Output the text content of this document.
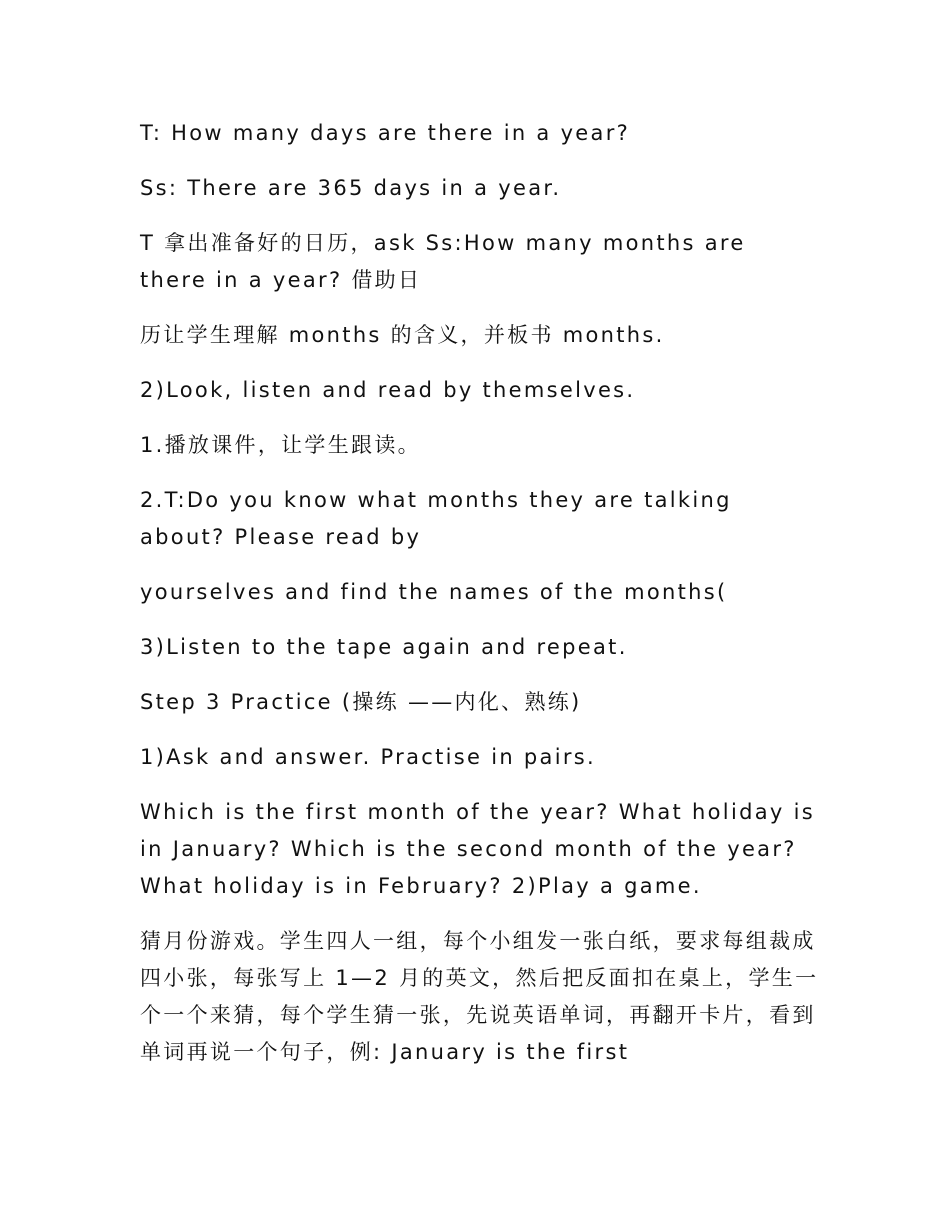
T: How many days are there in a year?

Ss: There are 365 days in a year.

T 拿出准备好的日历，ask Ss:How many months are there in a year? 借助日

历让学生理解 months 的含义，并板书 months.

2)Look, listen and read by themselves.

1.播放课件，让学生跟读。

2.T:Do you know what months they are talking about? Please read by

yourselves and find the names of the months(

3)Listen to the tape again and repeat.

Step 3 Practice (操练 ——内化、熟练)

1)Ask and answer. Practise in pairs.

Which is the first month of the year? What holiday is in January? Which is the second month of the year? What holiday is in February? 2)Play a game.

猜月份游戏。学生四人一组，每个小组发一张白纸，要求每组裁成四小张，每张写上 1—2 月的英文，然后把反面扣在桌上，学生一个一个来猜，每个学生猜一张，先说英语单词，再翻开卡片，看到单词再说一个句子，例: January is the first
